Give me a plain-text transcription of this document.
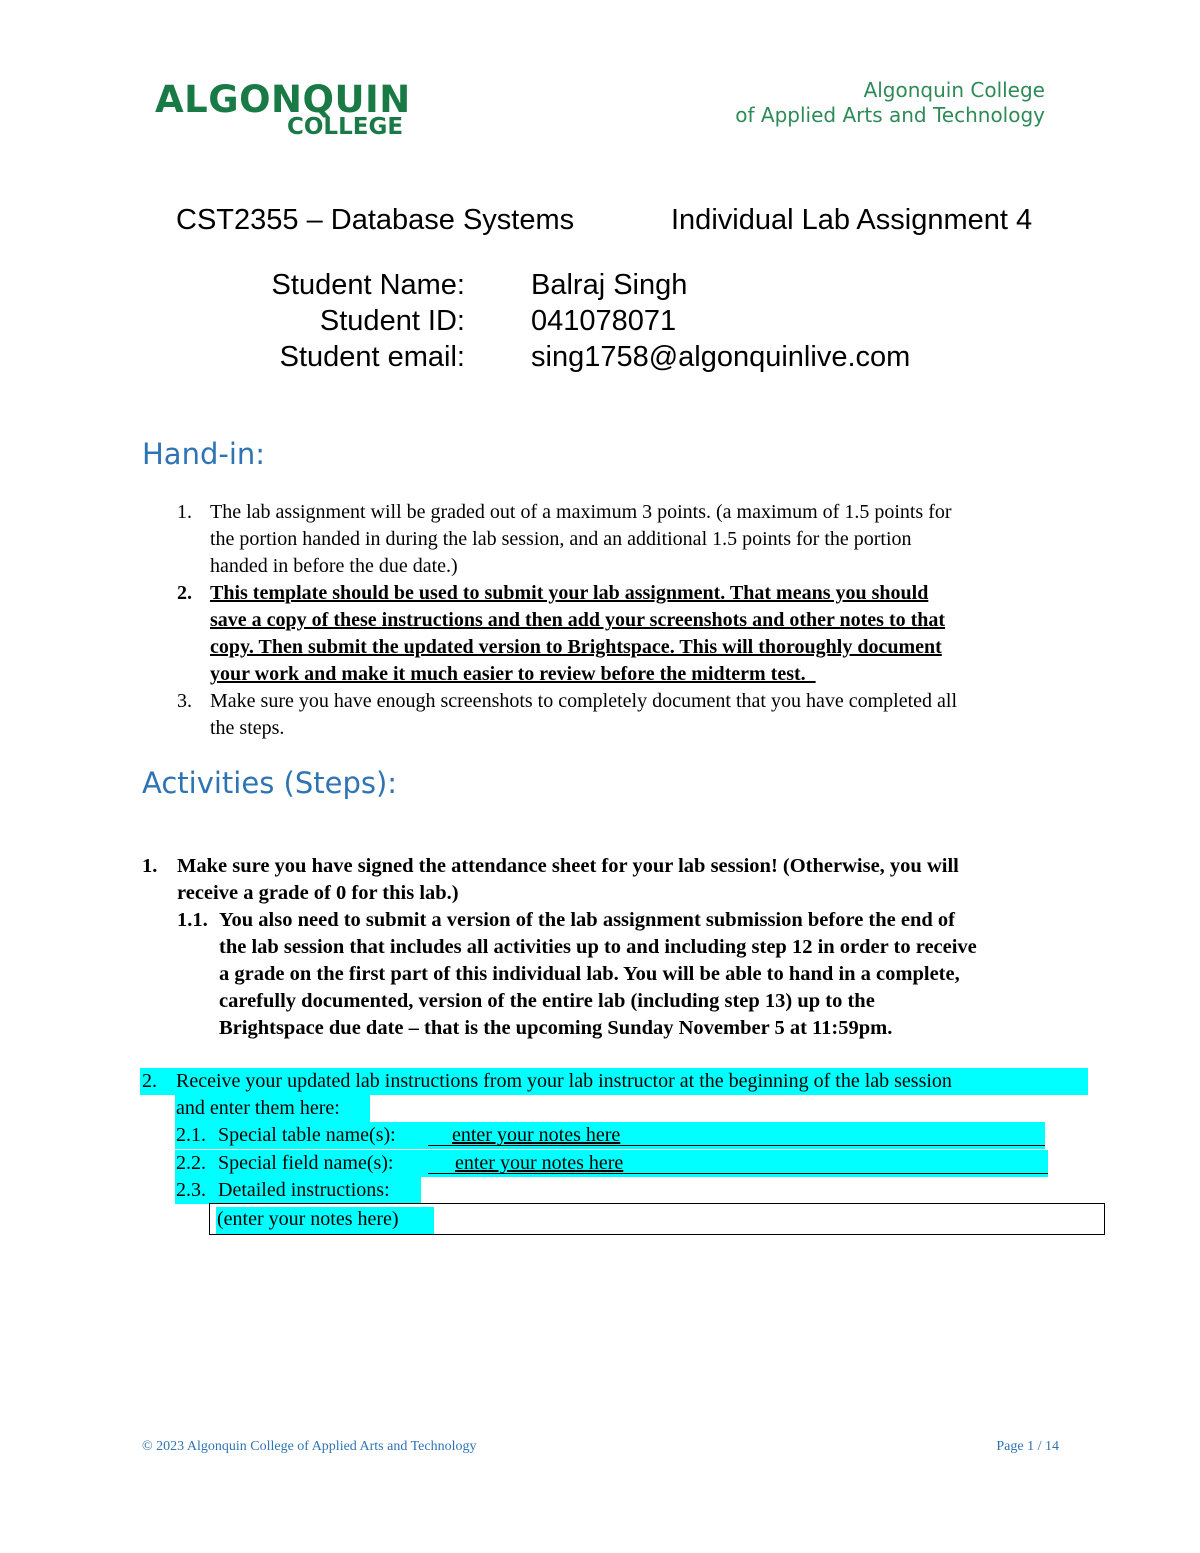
ALGONQUIN
COLLEGE
Algonquin College
of Applied Arts and Technology
CST2355 – Database Systems	Individual Lab Assignment 4
Student Name: Balraj Singh
Student ID: 041078071
Student email: sing1758@algonquinlive.com
Hand-in:
1. The lab assignment will be graded out of a maximum 3 points. (a maximum of 1.5 points for
the portion handed in during the lab session, and an additional 1.5 points for the portion
handed in before the due date.)
2. This template should be used to submit your lab assignment. That means you should
save a copy of these instructions and then add your screenshots and other notes to that
copy. Then submit the updated version to Brightspace. This will thoroughly document
your work and make it much easier to review before the midterm test.
3. Make sure you have enough screenshots to completely document that you have completed all
the steps.
Activities (Steps):
1. Make sure you have signed the attendance sheet for your lab session! (Otherwise, you will
receive a grade of 0 for this lab.)
1.1. You also need to submit a version of the lab assignment submission before the end of
the lab session that includes all activities up to and including step 12 in order to receive
a grade on the first part of this individual lab. You will be able to hand in a complete,
carefully documented, version of the entire lab (including step 13) up to the
Brightspace due date – that is the upcoming Sunday November 5 at 11:59pm.
2. Receive your updated lab instructions from your lab instructor at the beginning of the lab session
and enter them here:
2.1. Special table name(s):	enter your notes here
2.2. Special field name(s):	enter your notes here
2.3. Detailed instructions:
(enter your notes here)
© 2023 Algonquin College of Applied Arts and Technology	Page 1 / 14
